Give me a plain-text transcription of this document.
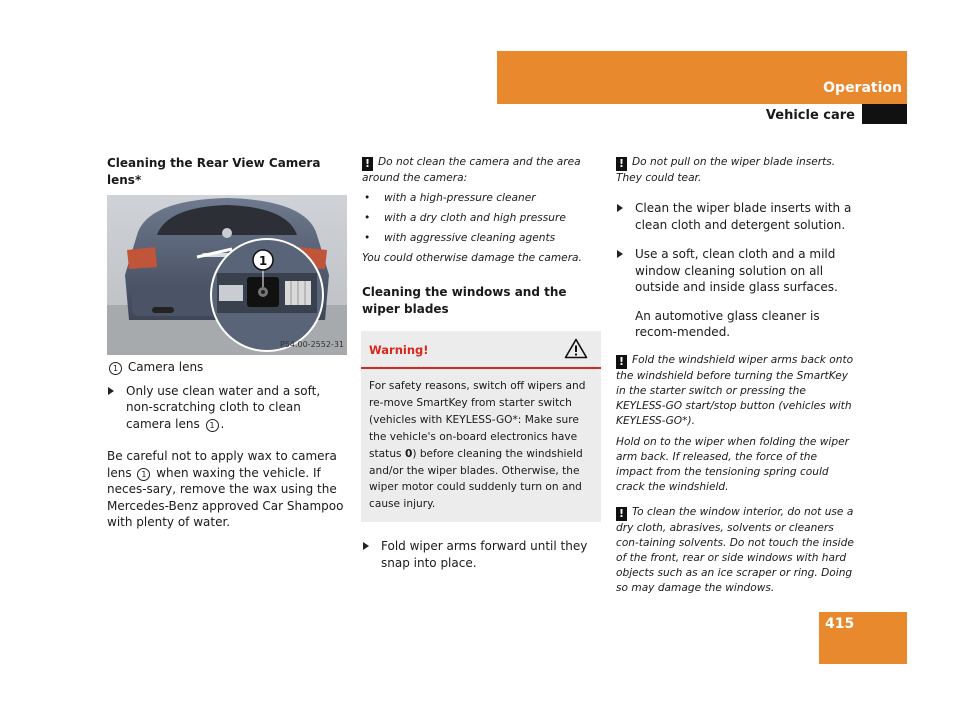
Operation
Vehicle care
Cleaning the Rear View Camera lens*
1
P54.00-2552-31
1 Camera lens
Only use clean water and a soft, non-scratching cloth to clean camera lens 1 .
Be careful not to apply wax to camera lens 1 when waxing the vehicle. If neces-sary, remove the wax using the Mercedes-Benz approved Car Shampoo with plenty of water.
! Do not clean the camera and the area around the camera:
• with a high-pressure cleaner
• with a dry cloth and high pressure
• with aggressive cleaning agents
You could otherwise damage the camera.
Cleaning the windows and the wiper blades
Warning!
For safety reasons, switch off wipers and re-move SmartKey from starter switch (vehicles with KEYLESS-GO*: Make sure the vehicle's on-board electronics have status 0) before cleaning the windshield and/or the wiper blades. Otherwise, the wiper motor could suddenly turn on and cause injury.
Fold wiper arms forward until they snap into place.
! Do not pull on the wiper blade inserts. They could tear.
Clean the wiper blade inserts with a clean cloth and detergent solution.
Use a soft, clean cloth and a mild window cleaning solution on all outside and inside glass surfaces.
An automotive glass cleaner is recom-mended.
! Fold the windshield wiper arms back onto the windshield before turning the SmartKey in the starter switch or pressing the KEYLESS-GO start/stop button (vehicles with KEYLESS-GO*).
Hold on to the wiper when folding the wiper arm back. If released, the force of the impact from the tensioning spring could crack the windshield.
! To clean the window interior, do not use a dry cloth, abrasives, solvents or cleaners con-taining solvents. Do not touch the inside of the front, rear or side windows with hard objects such as an ice scraper or ring. Doing so may damage the windows.
415
